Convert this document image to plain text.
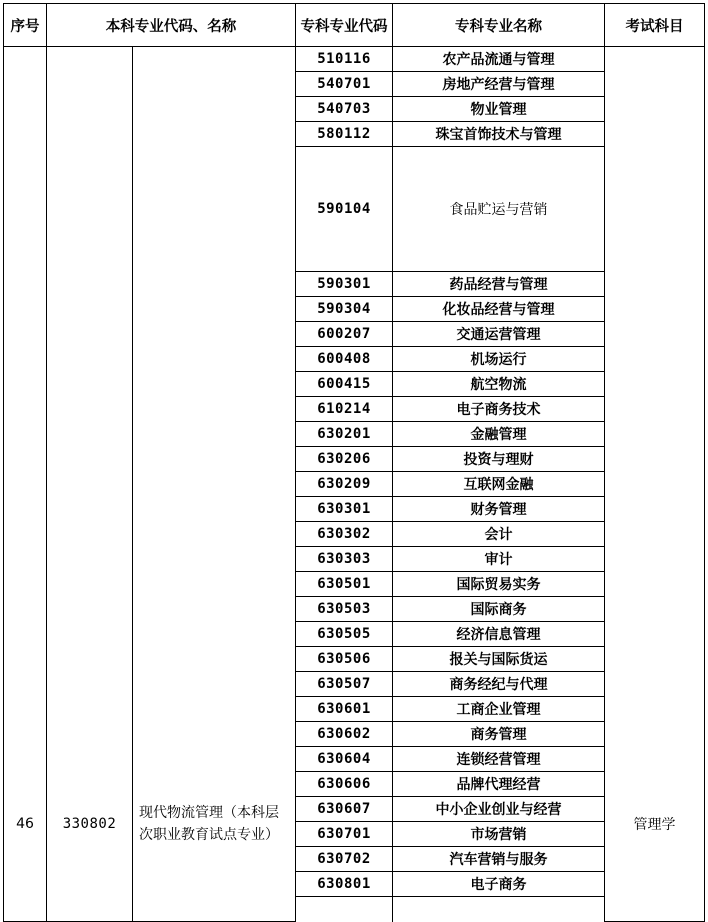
序号	本科专业代码、名称		专科专业代码	专科专业名称	考试科目

46	330802	现代物流管理（本科层次职业教育试点专业）	510116	农产品流通与管理	管理学

			540701	房地产经营与管理	
			540703	物业管理	
			580112	珠宝首饰技术与管理	
			590104	食品贮运与营销	
			590301	药品经营与管理	
			590304	化妆品经营与管理	
			600207	交通运营管理	
			600408	机场运行	
			600415	航空物流	
			610214	电子商务技术	
			630201	金融管理	
			630206	投资与理财	
			630209	互联网金融	
			630301	财务管理	
			630302	会计	
			630303	审计	
			630501	国际贸易实务	
			630503	国际商务	
			630505	经济信息管理	
			630506	报关与国际货运	
			630507	商务经纪与代理	
			630601	工商企业管理	
			630602	商务管理	
			630604	连锁经营管理	
			630606	品牌代理经营	
			630607	中小企业创业与经营	
			630701	市场营销	
			630702	汽车营销与服务	
			630801	电子商务	
